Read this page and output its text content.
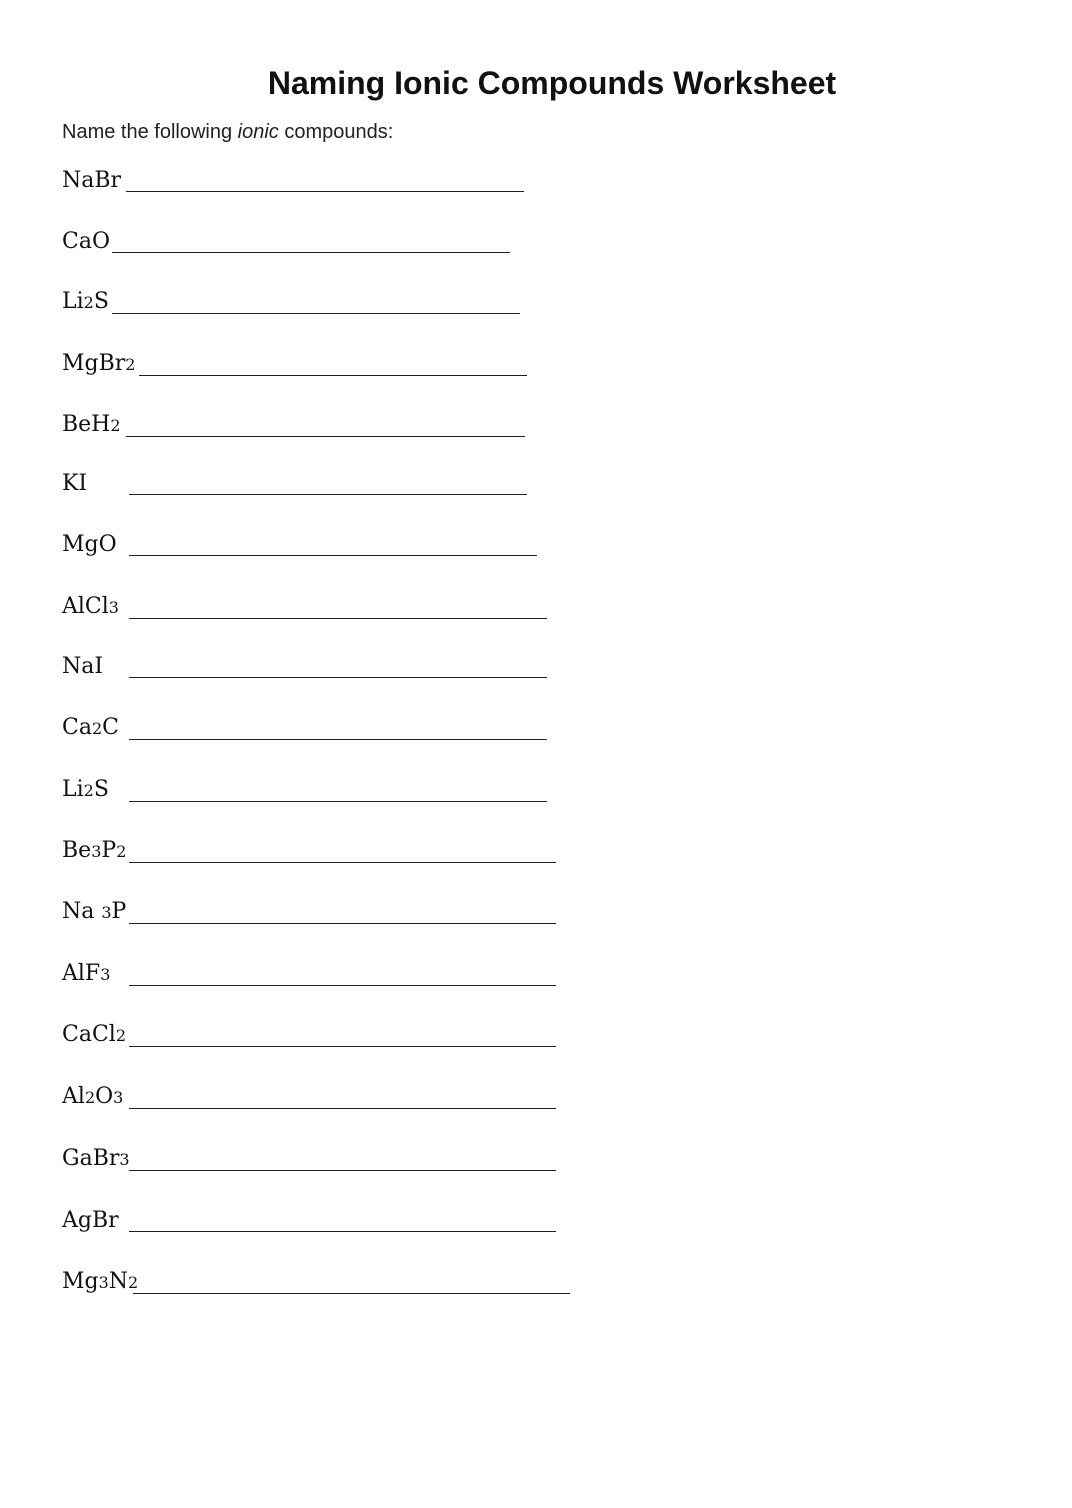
Naming Ionic Compounds Worksheet
Name the following ionic compounds:
NaBr
CaO
Li2S
MgBr2
BeH2
KI
MgO
AlCl3
NaI
Ca2C
Li2S
Be3P2
Na 3P
AlF3
CaCl2
Al2O3
GaBr3
AgBr
Mg3N2
